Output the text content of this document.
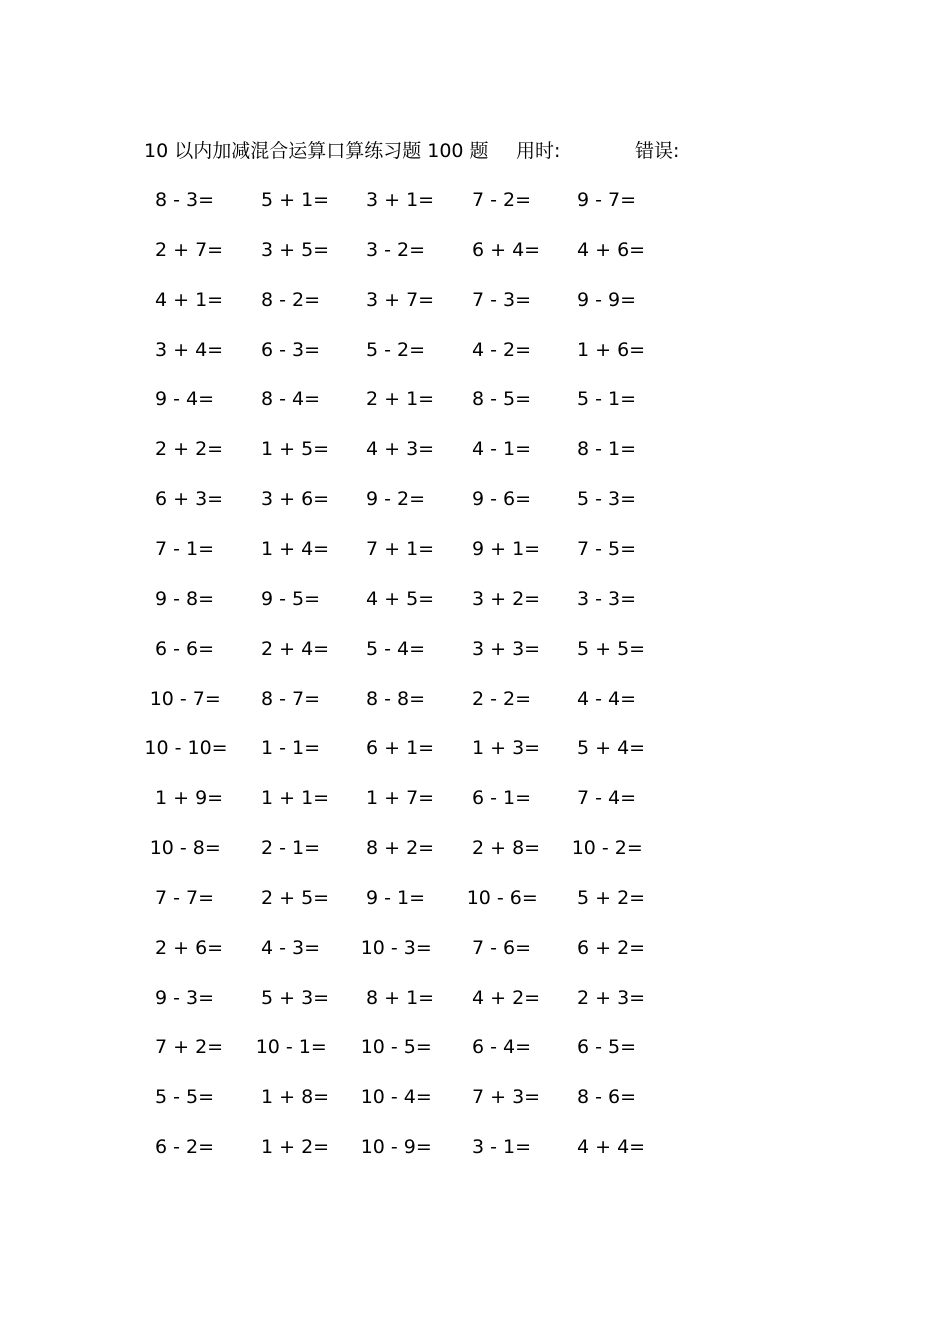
10 以内加减混合运算口算练习题 100 题 用时:	错误:
8 - 3=	5 + 1=	3 + 1=	7 - 2=	9 - 7=
2 + 7=	3 + 5=	3 - 2=	6 + 4=	4 + 6=
4 + 1=	8 - 2=	3 + 7=	7 - 3=	9 - 9=
3 + 4=	6 - 3=	5 - 2=	4 - 2=	1 + 6=
9 - 4=	8 - 4=	2 + 1=	8 - 5=	5 - 1=
2 + 2=	1 + 5=	4 + 3=	4 - 1=	8 - 1=
6 + 3=	3 + 6=	9 - 2=	9 - 6=	5 - 3=
7 - 1=	1 + 4=	7 + 1=	9 + 1=	7 - 5=
9 - 8=	9 - 5=	4 + 5=	3 + 2=	3 - 3=
6 - 6=	2 + 4=	5 - 4=	3 + 3=	5 + 5=
10 - 7=	8 - 7=	8 - 8=	2 - 2=	4 - 4=
10 - 10=	1 - 1=	6 + 1=	1 + 3=	5 + 4=
1 + 9=	1 + 1=	1 + 7=	6 - 1=	7 - 4=
10 - 8=	2 - 1=	8 + 2=	2 + 8=	10 - 2=
7 - 7=	2 + 5=	9 - 1=	10 - 6=	5 + 2=
2 + 6=	4 - 3=	10 - 3=	7 - 6=	6 + 2=
9 - 3=	5 + 3=	8 + 1=	4 + 2=	2 + 3=
7 + 2=	10 - 1=	10 - 5=	6 - 4=	6 - 5=
5 - 5=	1 + 8=	10 - 4=	7 + 3=	8 - 6=
6 - 2=	1 + 2=	10 - 9=	3 - 1=	4 + 4=
